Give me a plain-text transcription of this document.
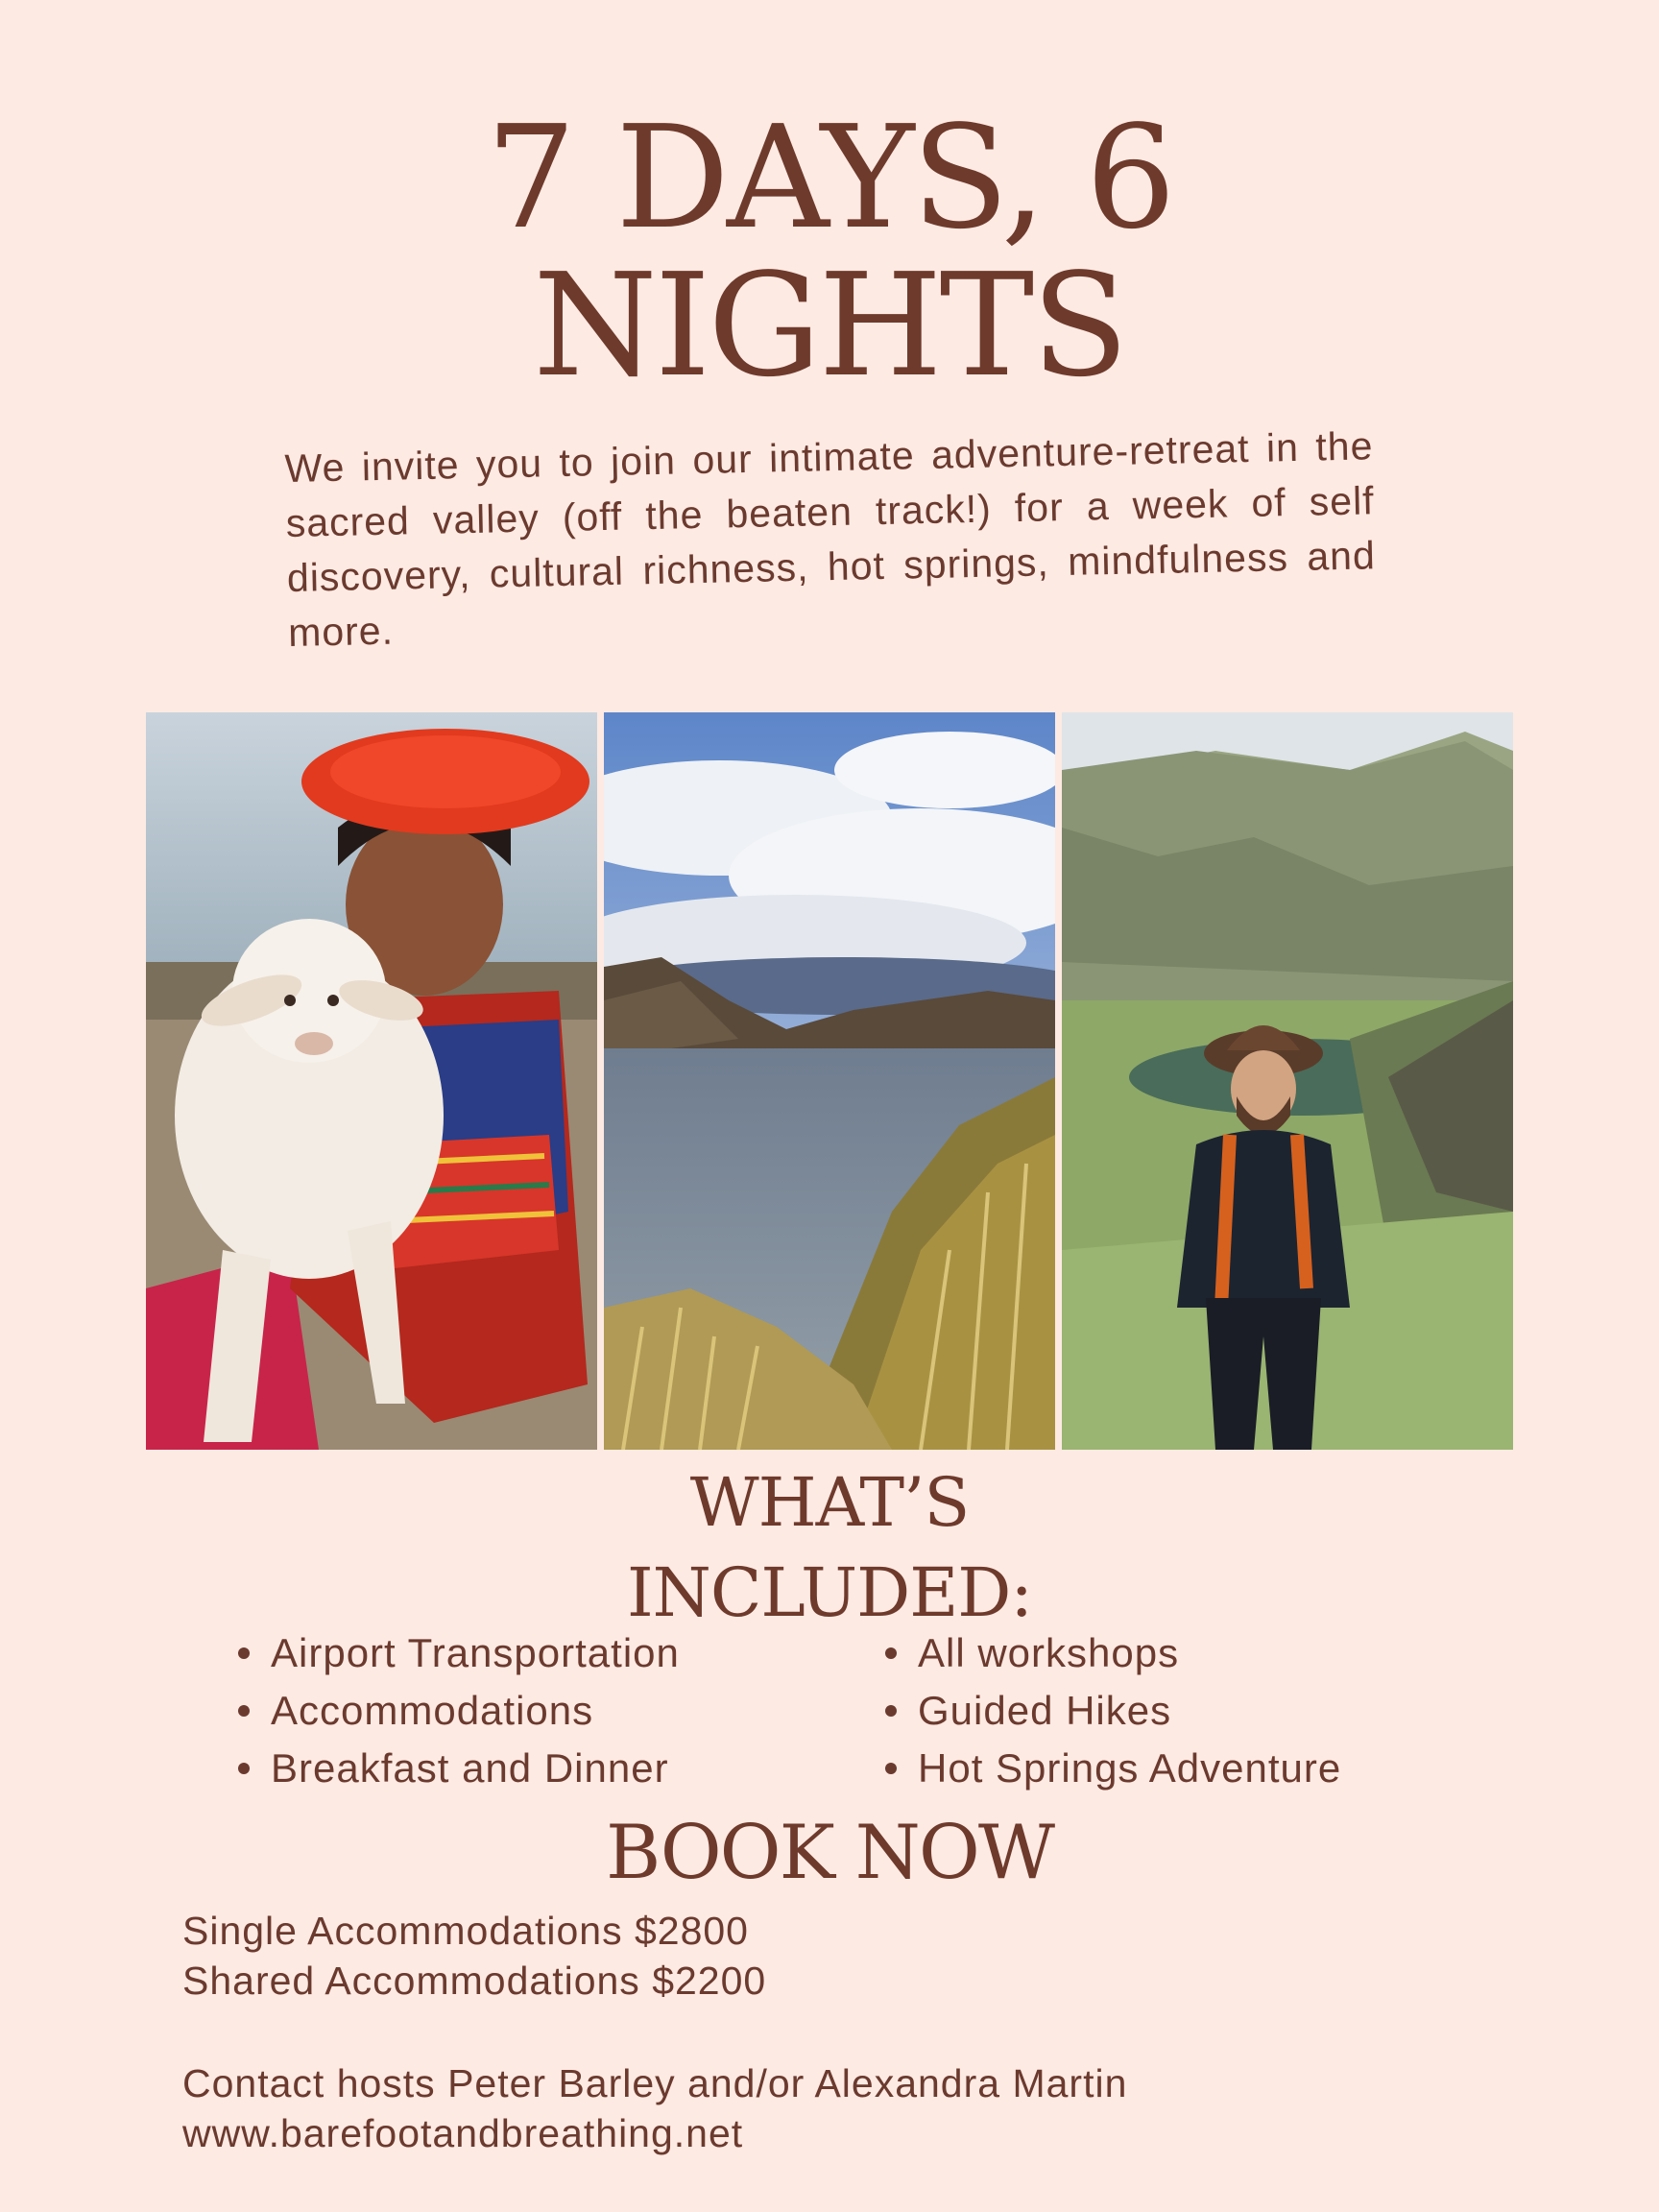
7 DAYS, 6
NIGHTS
We invite you to join our intimate adventure-retreat in the sacred valley (off the beaten track!) for a week of self discovery, cultural richness, hot springs, mindfulness and more.
WHAT’S
INCLUDED:
Airport Transportation
Accommodations
Breakfast and Dinner
All workshops
Guided Hikes
Hot Springs Adventure
BOOK NOW
Single Accommodations $2800
Shared Accommodations $2200
Contact hosts Peter Barley and/or Alexandra Martin
www.barefootandbreathing.net
